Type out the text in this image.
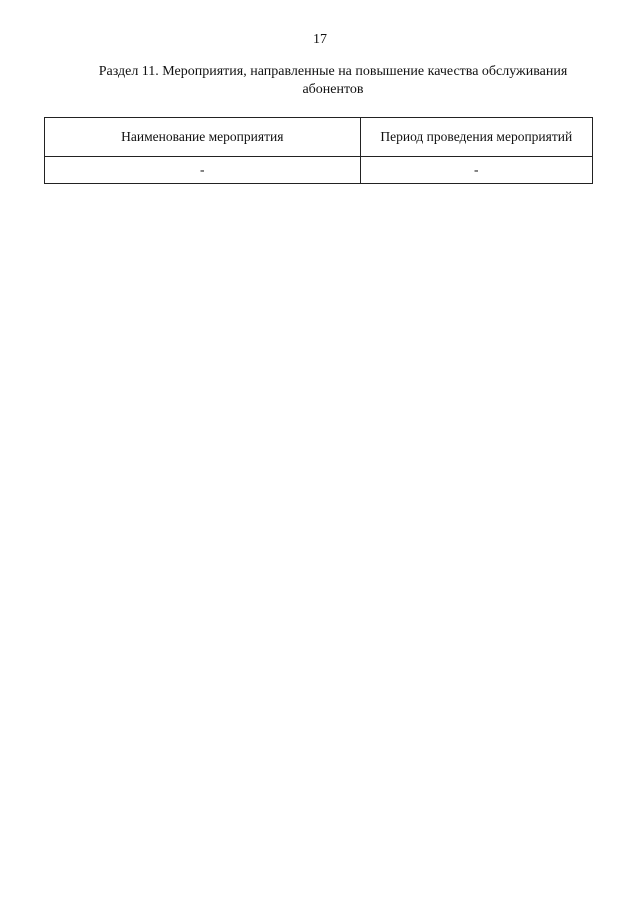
17
Раздел 11. Мероприятия, направленные на повышение качества обслуживания
абонентов
Наименование мероприятия	Период проведения мероприятий
-	-
